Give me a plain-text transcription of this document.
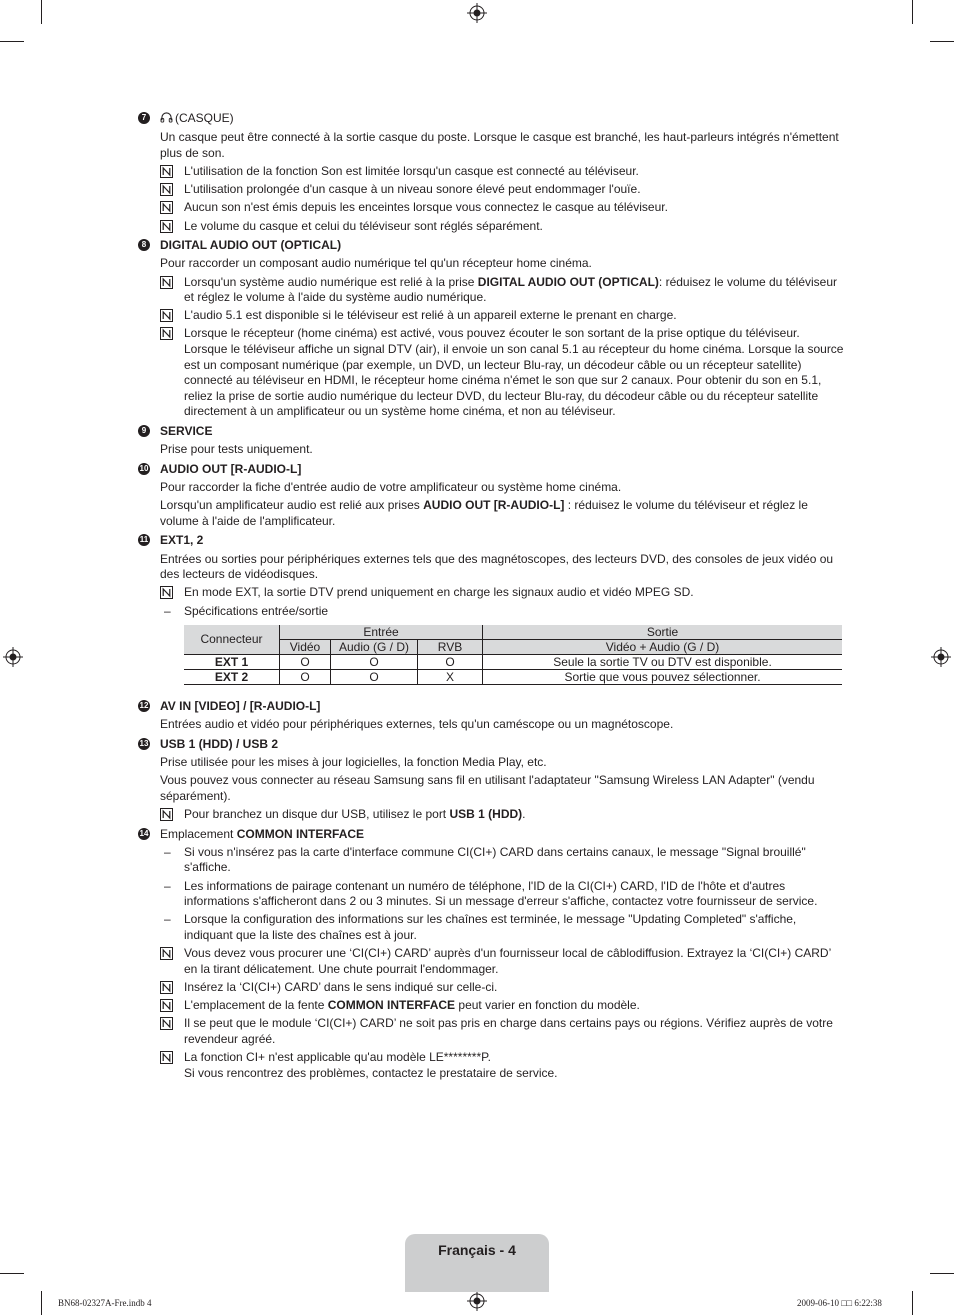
7	(CASQUE)
Un casque peut être connecté à la sortie casque du poste. Lorsque le casque est branché, les haut-parleurs intégrés n'émettent plus de son.
L'utilisation de la fonction Son est limitée lorsqu'un casque est connecté au téléviseur.
L'utilisation prolongée d'un casque à un niveau sonore élevé peut endommager l'ouïe.
Aucun son n'est émis depuis les enceintes lorsque vous connectez le casque au téléviseur.
Le volume du casque et celui du téléviseur sont réglés séparément.
8	DIGITAL AUDIO OUT (OPTICAL)
Pour raccorder un composant audio numérique tel qu'un récepteur home cinéma.
Lorsqu'un système audio numérique est relié à la prise DIGITAL AUDIO OUT (OPTICAL): réduisez le volume du téléviseur et réglez le volume à l'aide du système audio numérique.
L'audio 5.1 est disponible si le téléviseur est relié à un appareil externe le prenant en charge.
Lorsque le récepteur (home cinéma) est activé, vous pouvez écouter le son sortant de la prise optique du téléviseur. Lorsque le téléviseur affiche un signal DTV (air), il envoie un son canal 5.1 au récepteur du home cinéma. Lorsque la source est un composant numérique (par exemple, un DVD, un lecteur Blu-ray, un décodeur câble ou un récepteur satellite) connecté au téléviseur en HDMI, le récepteur home cinéma n'émet le son que sur 2 canaux. Pour obtenir du son en 5.1, reliez la prise de sortie audio numérique du lecteur DVD, du lecteur Blu-ray, du décodeur câble ou du récepteur satellite directement à un amplificateur ou un système home cinéma, et non au téléviseur.
9	SERVICE
Prise pour tests uniquement.
10 AUDIO OUT [R-AUDIO-L]
Pour raccorder la fiche d'entrée audio de votre amplificateur ou système home cinéma.
Lorsqu'un amplificateur audio est relié aux prises AUDIO OUT [R-AUDIO-L] : réduisez le volume du téléviseur et réglez le volume à l'aide de l'amplificateur.
11 EXT1, 2
Entrées ou sorties pour périphériques externes tels que des magnétoscopes, des lecteurs DVD, des consoles de jeux vidéo ou des lecteurs de vidéodisques.
En mode EXT, la sortie DTV prend uniquement en charge les signaux audio et vidéo MPEG SD.
– Spécifications entrée/sortie
Connecteur	Entrée			Sortie
	Vidéo	Audio (G / D)	RVB	Vidéo + Audio (G / D)
EXT 1	O	O	O	Seule la sortie TV ou DTV est disponible.
EXT 2	O	O	X	Sortie que vous pouvez sélectionner.
12 AV IN [VIDEO] / [R-AUDIO-L]
Entrées audio et vidéo pour périphériques externes, tels qu'un caméscope ou un magnétoscope.
13 USB 1 (HDD) / USB 2
Prise utilisée pour les mises à jour logicielles, la fonction Media Play, etc.
Vous pouvez vous connecter au réseau Samsung sans fil en utilisant l'adaptateur "Samsung Wireless LAN Adapter" (vendu séparément).
Pour branchez un disque dur USB, utilisez le port USB 1 (HDD).
14 Emplacement COMMON INTERFACE
– Si vous n'insérez pas la carte d'interface commune CI(CI+) CARD dans certains canaux, le message "Signal brouillé" s'affiche.
– Les informations de pairage contenant un numéro de téléphone, l'ID de la CI(CI+) CARD, l'ID de l'hôte et d'autres informations s'afficheront dans 2 ou 3 minutes. Si un message d'erreur s'affiche, contactez votre fournisseur de service.
– Lorsque la configuration des informations sur les chaînes est terminée, le message "Updating Completed" s'affiche, indiquant que la liste des chaînes est à jour.
Vous devez vous procurer une ‘CI(CI+) CARD’ auprès d'un fournisseur local de câblodiffusion. Extrayez la ‘CI(CI+) CARD’ en la tirant délicatement. Une chute pourrait l'endommager.
Insérez la ‘CI(CI+) CARD’ dans le sens indiqué sur celle-ci.
L'emplacement de la fente COMMON INTERFACE peut varier en fonction du modèle.
Il se peut que le module ‘CI(CI+) CARD’ ne soit pas pris en charge dans certains pays ou régions. Vérifiez auprès de votre revendeur agréé.
La fonction CI+ n'est applicable qu'au modèle LE********P.
Si vous rencontrez des problèmes, contactez le prestataire de service.
Français - 4
BN68-02327A-Fre.indb 4	2009-06-10 □□ 6:22:38
